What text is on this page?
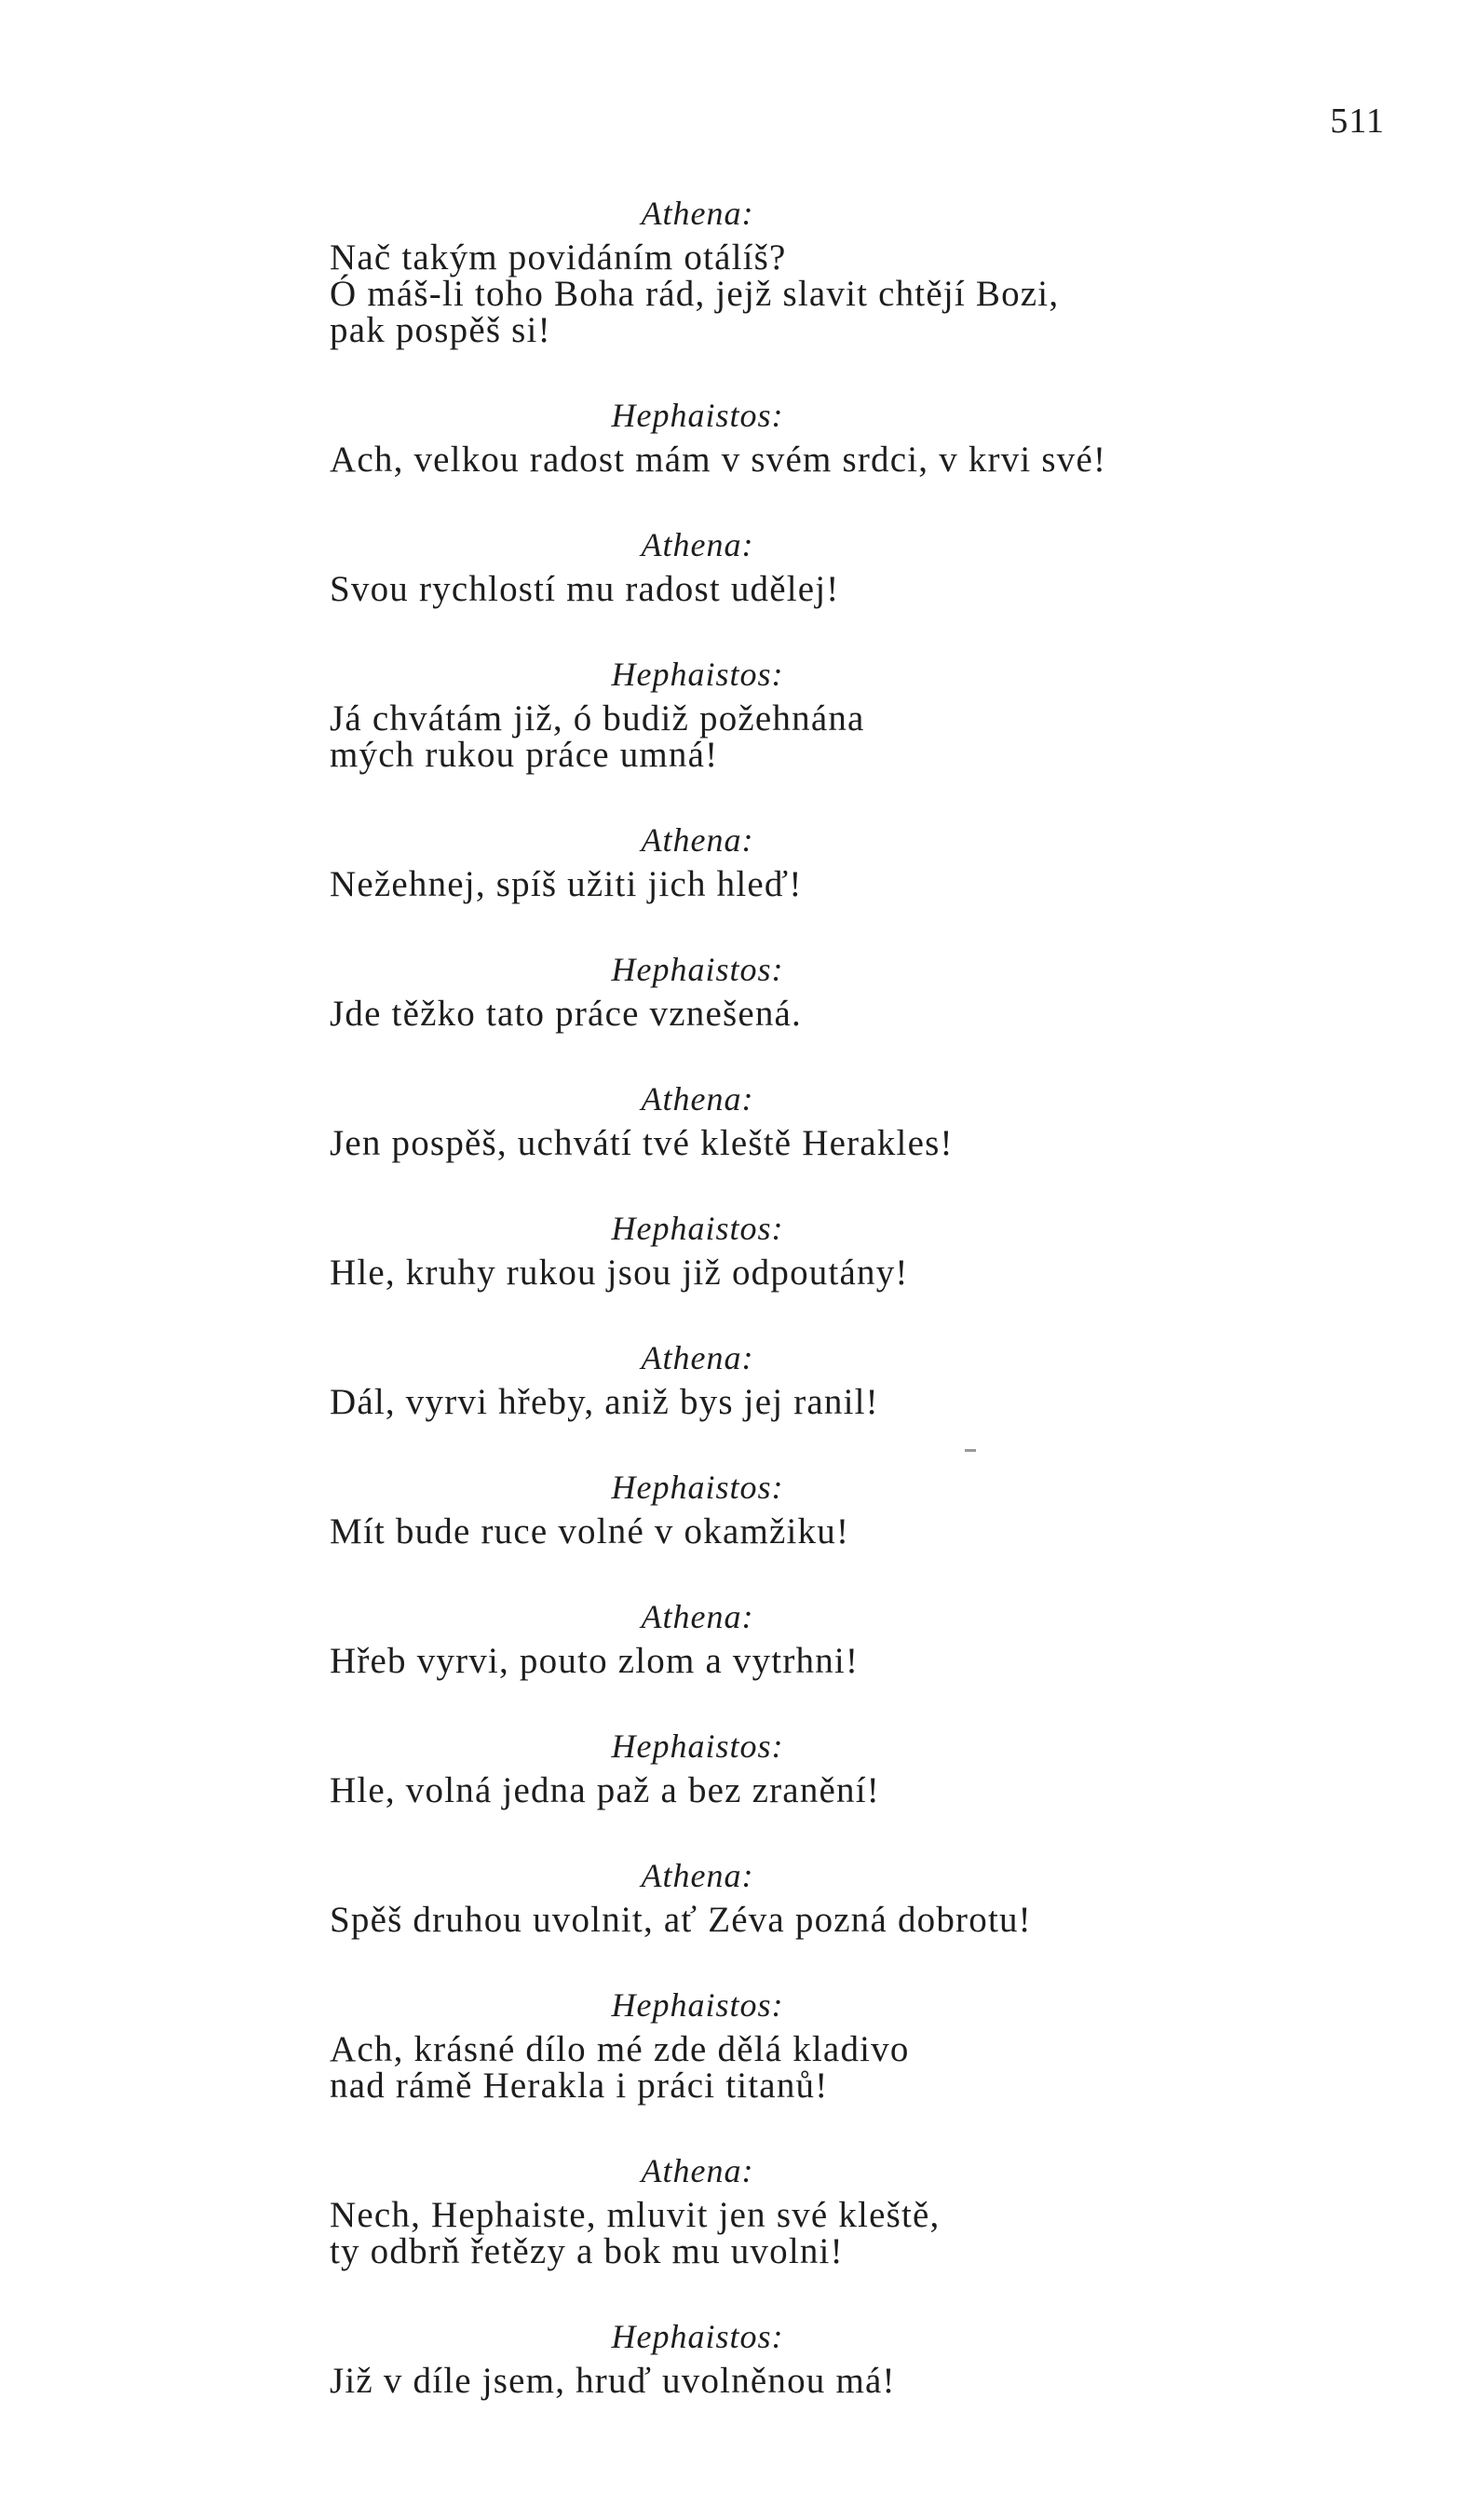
511
Athena:
Nač takým povidáním otálíš?
Ó máš-li toho Boha rád, jejž slavit chtějí Bozi,
pak pospěš si!
Hephaistos:
Ach, velkou radost mám v svém srdci, v krvi své!
Athena:
Svou rychlostí mu radost udělej!
Hephaistos:
Já chvátám již, ó budiž požehnána
mých rukou práce umná!
Athena:
Nežehnej, spíš užiti jich hleď!
Hephaistos:
Jde těžko tato práce vznešená.
Athena:
Jen pospěš, uchvátí tvé kleště Herakles!
Hephaistos:
Hle, kruhy rukou jsou již odpoutány!
Athena:
Dál, vyrvi hřeby, aniž bys jej ranil!
Hephaistos:
Mít bude ruce volné v okamžiku!
Athena:
Hřeb vyrvi, pouto zlom a vytrhni!
Hephaistos:
Hle, volná jedna paž a bez zranění!
Athena:
Spěš druhou uvolnit, ať Zéva pozná dobrotu!
Hephaistos:
Ach, krásné dílo mé zde dělá kladivo
nad rámě Herakla i práci titanů!
Athena:
Nech, Hephaiste, mluvit jen své kleště,
ty odbrň řetězy a bok mu uvolni!
Hephaistos:
Již v díle jsem, hruď uvolněnou má!
